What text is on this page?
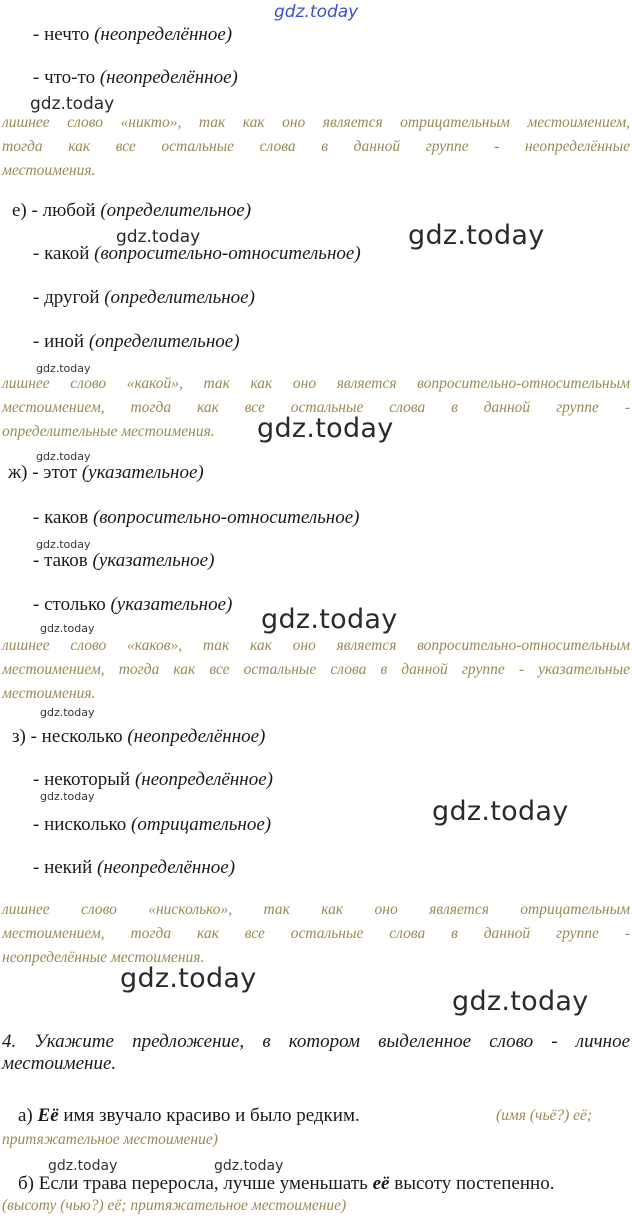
gdz.today
- нечто (неопределённое)
- что-то (неопределённое)
gdz.today
лишнее слово «никто», так как оно является отрицательным местоимением,
тогда как все остальные слова в данной группе - неопределённые
местоимения.
е) - любой (определительное)
gdz.today	gdz.today
- какой (вопросительно-относительное)
- другой (определительное)
- иной (определительное)
gdz.today
лишнее слово «какой», так как оно является вопросительно-относительным
местоимением, тогда как все остальные слова в данной группе -
определительные местоимения.	gdz.today
gdz.today
ж) - этот (указательное)
- каков (вопросительно-относительное)
gdz.today
- таков (указательное)
- столько (указательное) gdz.today
gdz.today
лишнее слово «каков», так как оно является вопросительно-относительным
местоимением, тогда как все остальные слова в данной группе - указательные
местоимения.
gdz.today
з) - несколько (неопределённое)
- некоторый (неопределённое)
gdz.today	gdz.today
- нисколько (отрицательное)
- некий (неопределённое)
лишнее слово «нисколько», так как оно является отрицательным
местоимением, тогда как все остальные слова в данной группе -
неопределённые местоимения.
gdz.today
gdz.today
4. Укажите предложение, в котором выделенное слово - личное
местоимение.
а) Её имя звучало красиво и было редким.	(имя (чьё?) её;
притяжательное местоимение)
gdz.today	gdz.today
б) Если трава переросла, лучше уменьшать её высоту постепенно.
(высоту (чью?) её; притяжательное местоимение)
